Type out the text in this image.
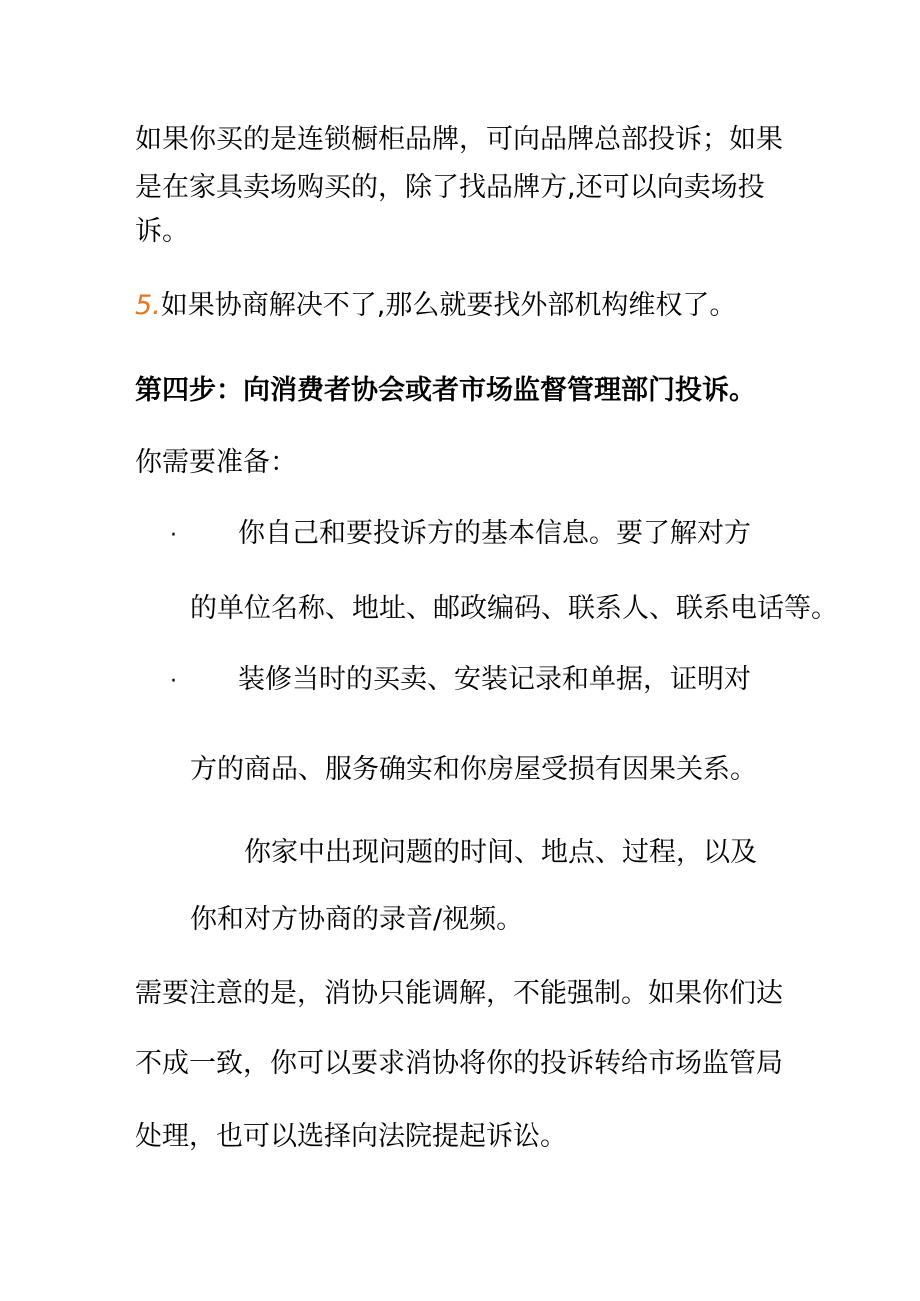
如果你买的是连锁橱柜品牌，可向品牌总部投诉；如果
是在家具卖场购买的，除了找品牌方,还可以向卖场投
诉。
5.如果协商解决不了,那么就要找外部机构维权了。
第四步：向消费者协会或者市场监督管理部门投诉。
你需要准备：
· 你自己和要投诉方的基本信息。要了解对方
的单位名称、地址、邮政编码、联系人、联系电话等。
· 装修当时的买卖、安装记录和单据，证明对
方的商品、服务确实和你房屋受损有因果关系。
你家中出现问题的时间、地点、过程，以及
你和对方协商的录音/视频。
需要注意的是，消协只能调解，不能强制。如果你们达
不成一致，你可以要求消协将你的投诉转给市场监管局
处理，也可以选择向法院提起诉讼。
